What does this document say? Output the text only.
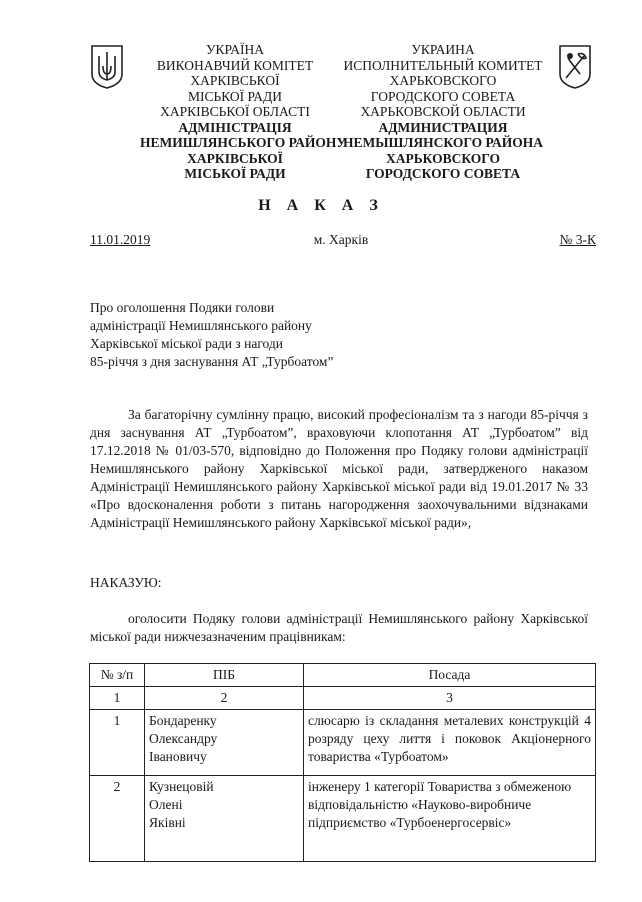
УКРАЇНА
ВИКОНАВЧИЙ КОМІТЕТ
ХАРКІВСЬКОЇ
МІСЬКОЇ РАДИ
ХАРКІВСЬКОЇ ОБЛАСТІ
АДМІНІСТРАЦІЯ
НЕМИШЛЯНСЬКОГО РАЙОНУ
ХАРКІВСЬКОЇ
МІСЬКОЇ РАДИ
УКРАИНА
ИСПОЛНИТЕЛЬНЫЙ КОМИТЕТ
ХАРЬКОВСКОГО
ГОРОДСКОГО СОВЕТА
ХАРЬКОВСКОЙ ОБЛАСТИ
АДМИНИСТРАЦИЯ
НЕМЫШЛЯНСКОГО РАЙОНА
ХАРЬКОВСКОГО
ГОРОДСКОГО СОВЕТА
Н А К А З
11.01.2019	м. Харків	№ 3-К
Про оголошення Подяки голови
адміністрації Немишлянського району
Харківської міської ради з нагоди
85-річчя з дня заснування АТ „Турбоатом”
За багаторічну сумлінну працю, високий професіоналізм та з нагоди 85-річчя з дня заснування АТ „Турбоатом”, враховуючи клопотання АТ „Турбоатом” від 17.12.2018 № 01/03-570, відповідно до Положення про Подяку голови адміністрації Немишлянського району Харківської міської ради, затвердженого наказом Адміністрації Немишлянського району Харківської міської ради від 19.01.2017 № 33 «Про вдосконалення роботи з питань нагородження заохочувальними відзнаками Адміністрації Немишлянського району Харківської міської ради»,
НАКАЗУЮ:
оголосити Подяку голови адміністрації Немишлянського району Харківської міської ради нижчезазначеним працівникам:
№ з/п	ПІБ	Посада
1	2	3
1	Бондаренку
Олександру
Івановичу	слюсарю із складання металевих конструкцій 4 розряду цеху лиття і поковок Акціонерного товариства «Турбоатом»
2	Кузнецовій
Олені
Яківні	інженеру 1 категорії Товариства з обмеженою відповідальністю «Науково-виробниче підприємство «Турбоенергосервіс»
